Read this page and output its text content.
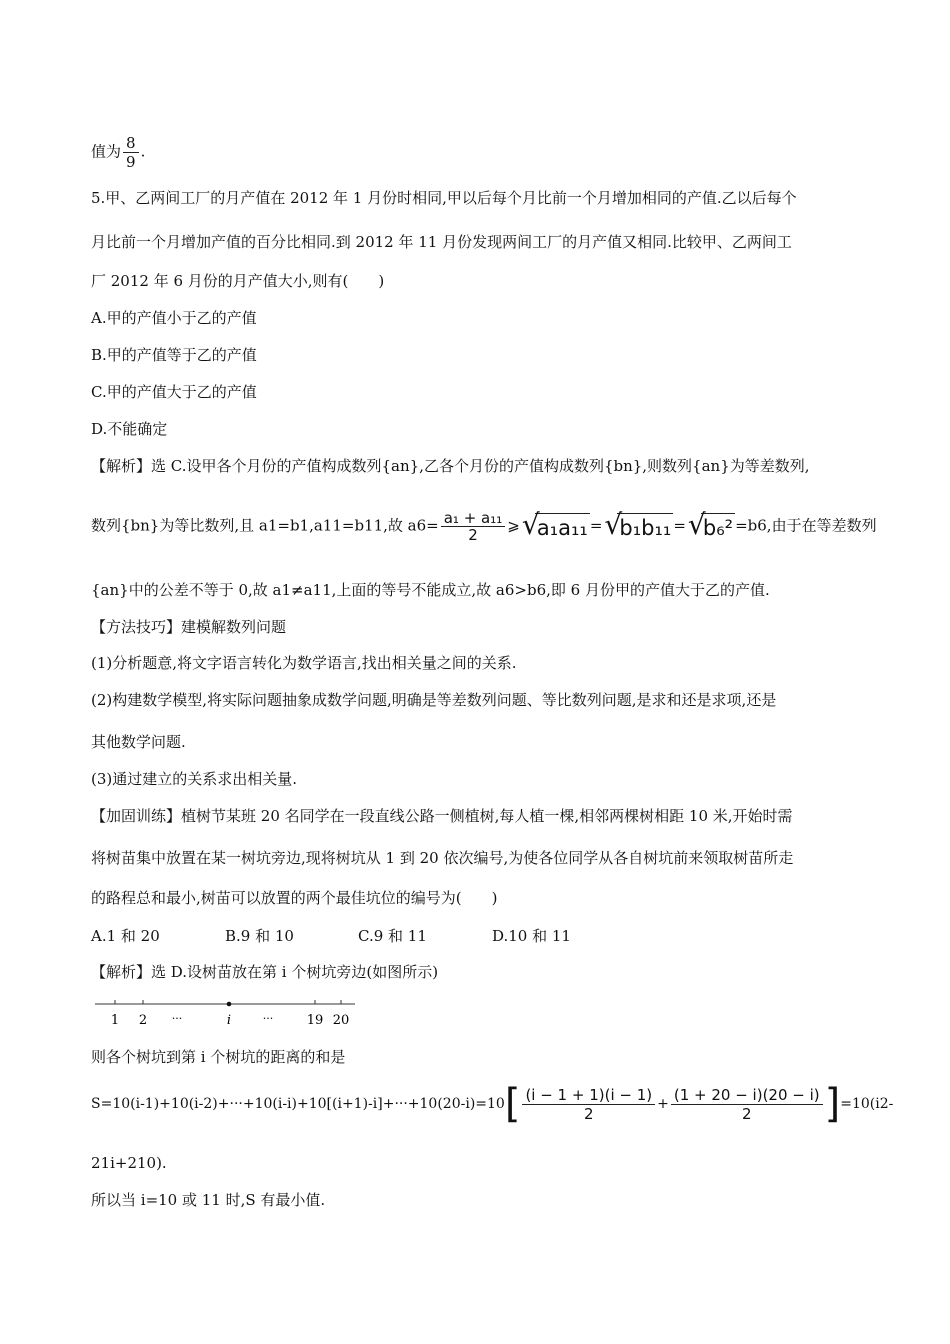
值为 $\frac{8}{9}$ .
5.甲、乙两间工厂的月产值在 2012 年 1 月份时相同,甲以后每个月比前一个月增加相同的产值.乙以后每个
月比前一个月增加产值的百分比相同.到 2012 年 11 月份发现两间工厂的月产值又相同.比较甲、乙两间工
厂 2012 年 6 月份的月产值大小,则有(　　)
A.甲的产值小于乙的产值
B.甲的产值等于乙的产值
C.甲的产值大于乙的产值
D.不能确定
【解析】选 C.设甲各个月份的产值构成数列{an},乙各个月份的产值构成数列{bn},则数列{an}为等差数列,
数列{bn}为等比数列,且 a1=b1,a11=b11,故 $a6= \frac{\text{a₁ + a₁₁}}{2}$ ⩾ √
a₁a₁₁ = √
b₁b₁₁ = √
b₆² =b6,由于在等差数列
{an}中的公差不等于 0,故 a1≠a11,上面的等号不能成立,故 a6>b6,即 6 月份甲的产值大于乙的产值.
【方法技巧】建模解数列问题
(1)分析题意,将文字语言转化为数学语言,找出相关量之间的关系.
(2)构建数学模型,将实际问题抽象成数学问题,明确是等差数列问题、等比数列问题,是求和还是求项,还是
其他数学问题.
(3)通过建立的关系求出相关量.
【加固训练】植树节某班 20 名同学在一段直线公路一侧植树,每人植一棵,相邻两棵树相距 10 米,开始时需
将树苗集中放置在某一树坑旁边,现将树坑从 1 到 20 依次编号,为使各位同学从各自树坑前来领取树苗所走
的路程总和最小,树苗可以放置的两个最佳坑位的编号为(　　)
A.1 和 20	B.9 和 10	C.9 和 11	D.10 和 11
【解析】选 D.设树苗放在第 i 个树坑旁边(如图所示)
1 2 ···	i	···	19 20
则各个树坑到第 i 个树坑的距离的和是
$S=10(i-1)+10(i-2)+\cdot\cdot\cdot+10(i-i)+10[(i+1)-i]+\cdot\cdot\cdot+10(20-i)=10[ \frac{(i - 1 + 1)(i - 1)}{2} + \frac{(1 + 20 - i)(20 - i)}{2} ]=10(i2-$
21i+210).
所以当 i=10 或 11 时,S 有最小值.
